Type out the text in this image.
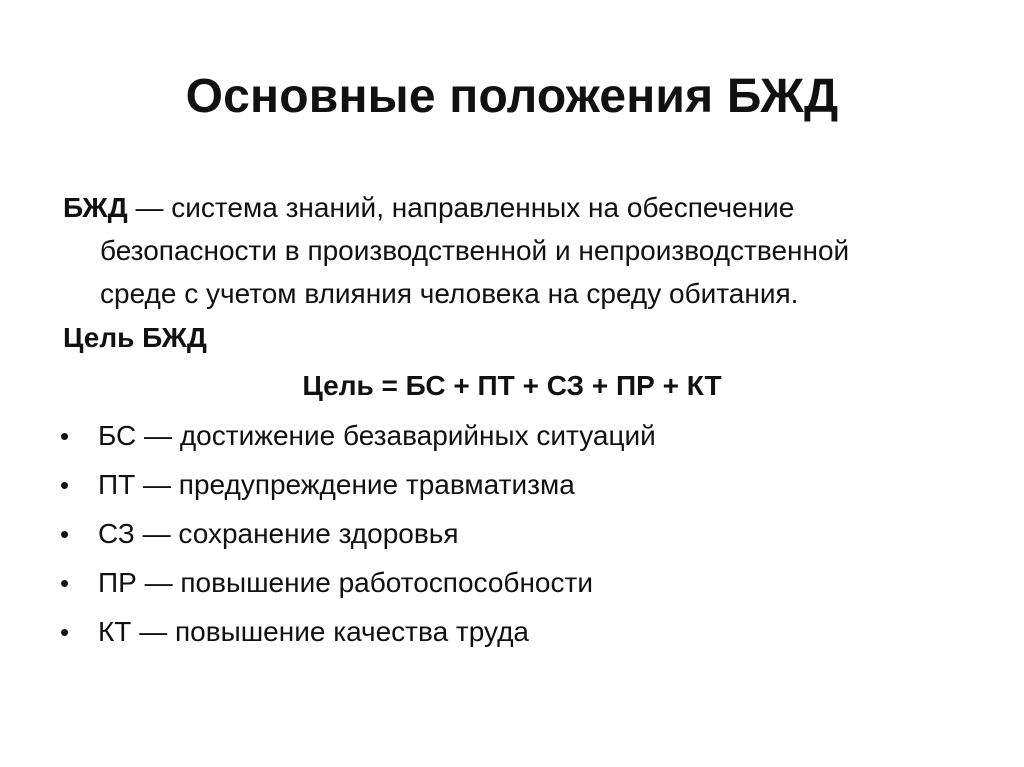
Основные положения БЖД
БЖД — система знаний, направленных на обеспечение
безопасности в производственной и непроизводственной
среде с учетом влияния человека на среду обитания.
Цель БЖД
Цель = БС + ПТ + СЗ + ПР + КТ
•	БС — достижение безаварийных ситуаций
•	ПТ — предупреждение травматизма
•	СЗ — сохранение здоровья
•	ПР — повышение работоспособности
•	КТ — повышение качества труда
